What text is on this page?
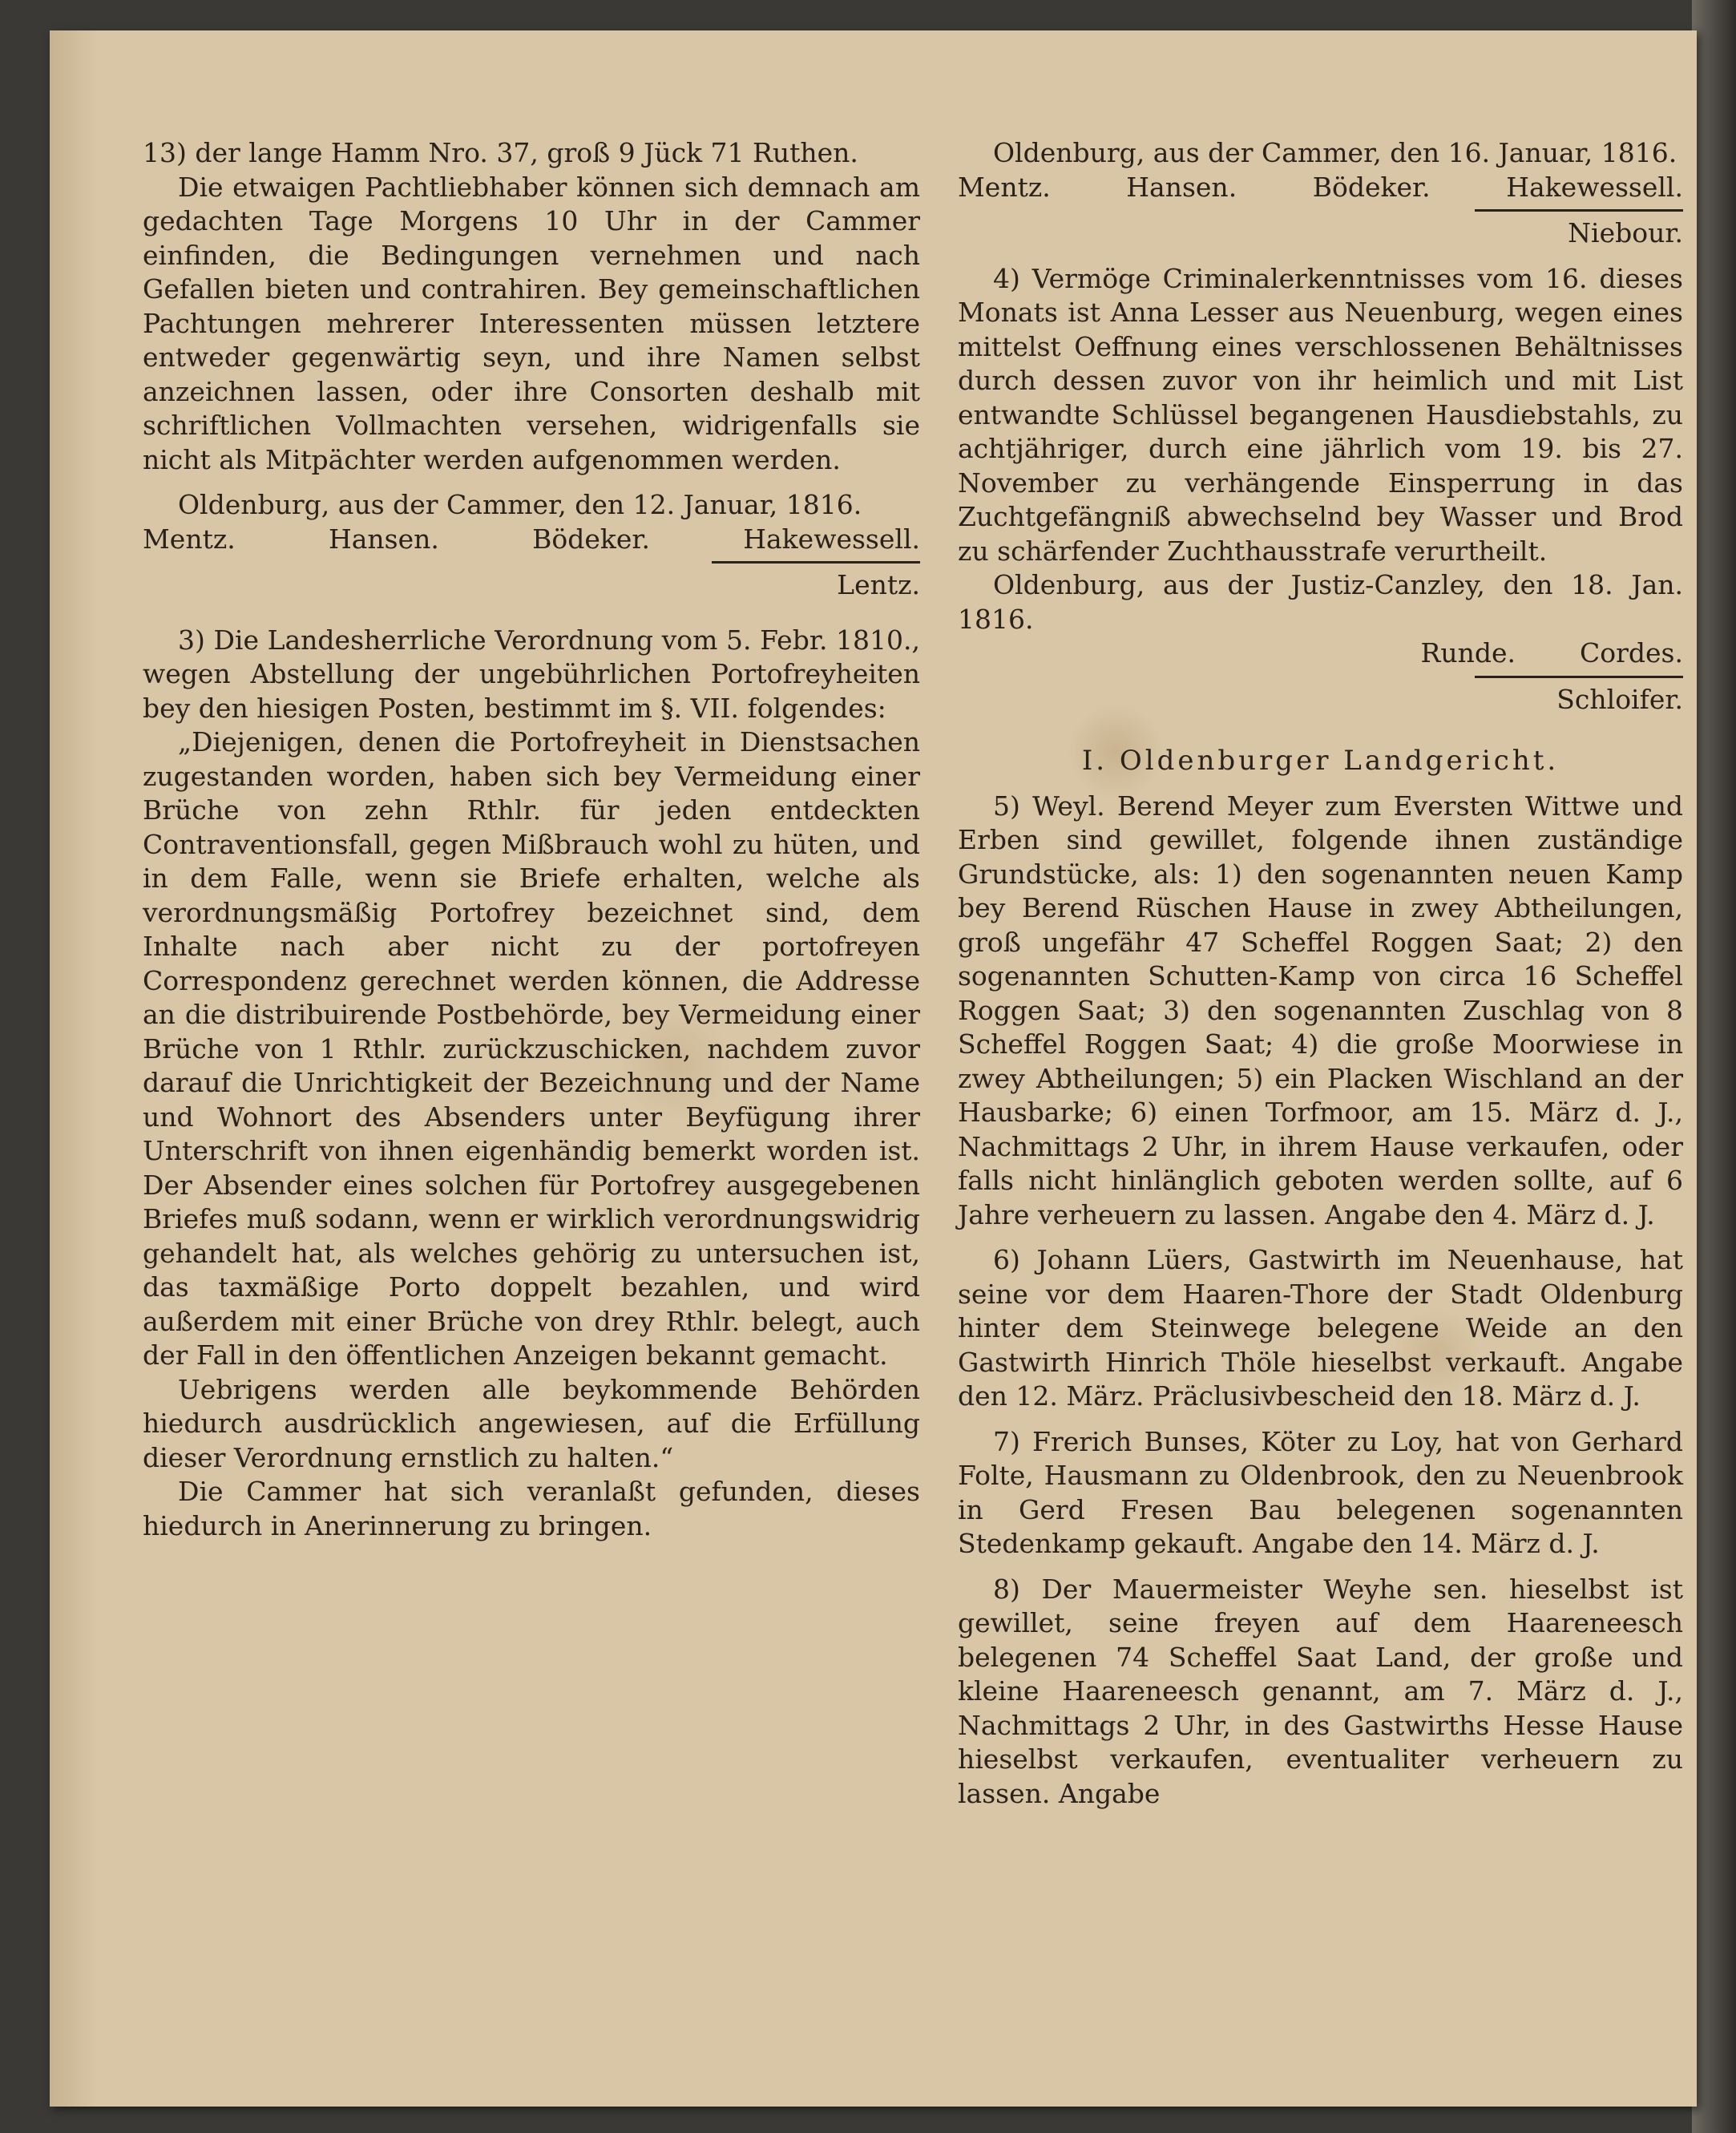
13) der lange Hamm Nro. 37, groß 9 Jück 71 Ruthen.

Die etwaigen Pachtliebhaber können sich demnach am gedachten Tage Morgens 10 Uhr in der Cammer einfinden, die Bedingungen vernehmen und nach Gefallen bieten und contrahiren. Bey gemeinschaftlichen Pachtungen mehrerer Interessenten müssen letztere entweder gegenwärtig seyn, und ihre Namen selbst anzeichnen lassen, oder ihre Consorten deshalb mit schriftlichen Vollmachten versehen, widrigenfalls sie nicht als Mitpächter werden aufgenommen werden.

Oldenburg, aus der Cammer, den 12. Januar, 1816.

Mentz.	Hansen.	Bödeker.	Hakewessell.

Lentz.

3) Die Landesherrliche Verordnung vom 5. Febr. 1810., wegen Abstellung der ungebührlichen Portofreyheiten bey den hiesigen Posten, bestimmt im §. VII. folgendes:

„Diejenigen, denen die Portofreyheit in Dienstsachen zugestanden worden, haben sich bey Vermeidung einer Brüche von zehn Rthlr. für jeden entdeckten Contraventionsfall, gegen Mißbrauch wohl zu hüten, und in dem Falle, wenn sie Briefe erhalten, welche als verordnungsmäßig Portofrey bezeichnet sind, dem Inhalte nach aber nicht zu der portofreyen Correspondenz gerechnet werden können, die Addresse an die distribuirende Postbehörde, bey Vermeidung einer Brüche von 1 Rthlr. zurückzuschicken, nachdem zuvor darauf die Unrichtigkeit der Bezeichnung und der Name und Wohnort des Absenders unter Beyfügung ihrer Unterschrift von ihnen eigenhändig bemerkt worden ist. Der Absender eines solchen für Portofrey ausgegebenen Briefes muß sodann, wenn er wirklich verordnungswidrig gehandelt hat, als welches gehörig zu untersuchen ist, das taxmäßige Porto doppelt bezahlen, und wird außerdem mit einer Brüche von drey Rthlr. belegt, auch der Fall in den öffentlichen Anzeigen bekannt gemacht.

Uebrigens werden alle beykommende Behörden hiedurch ausdrücklich angewiesen, auf die Erfüllung dieser Verordnung ernstlich zu halten.“

Die Cammer hat sich veranlaßt gefunden, dieses hiedurch in Anerinnerung zu bringen.

Oldenburg, aus der Cammer, den 16. Januar, 1816.

Mentz.	Hansen.	Bödeker.	Hakewessell.

Niebour.

4) Vermöge Criminalerkenntnisses vom 16. dieses Monats ist Anna Lesser aus Neuenburg, wegen eines mittelst Oeffnung eines verschlossenen Behältnisses durch dessen zuvor von ihr heimlich und mit List entwandte Schlüssel begangenen Hausdiebstahls, zu achtjähriger, durch eine jährlich vom 19. bis 27. November zu verhängende Einsperrung in das Zuchtgefängniß abwechselnd bey Wasser und Brod zu schärfender Zuchthausstrafe verurtheilt.

Oldenburg, aus der Justiz-Canzley, den 18. Jan. 1816.

Runde. Cordes.

Schloifer.

I. Oldenburger Landgericht.

5) Weyl. Berend Meyer zum Eversten Wittwe und Erben sind gewillet, folgende ihnen zuständige Grundstücke, als: 1) den sogenannten neuen Kamp bey Berend Rüschen Hause in zwey Abtheilungen, groß ungefähr 47 Scheffel Roggen Saat; 2) den sogenannten Schutten-Kamp von circa 16 Scheffel Roggen Saat; 3) den sogenannten Zuschlag von 8 Scheffel Roggen Saat; 4) die große Moorwiese in zwey Abtheilungen; 5) ein Placken Wischland an der Hausbarke; 6) einen Torfmoor, am 15. März d. J., Nachmittags 2 Uhr, in ihrem Hause verkaufen, oder falls nicht hinlänglich geboten werden sollte, auf 6 Jahre verheuern zu lassen. Angabe den 4. März d. J.

6) Johann Lüers, Gastwirth im Neuenhause, hat seine vor dem Haaren-Thore der Stadt Oldenburg hinter dem Steinwege belegene Weide an den Gastwirth Hinrich Thöle hieselbst verkauft. Angabe den 12. März. Präclusivbescheid den 18. März d. J.

7) Frerich Bunses, Köter zu Loy, hat von Gerhard Folte, Hausmann zu Oldenbrook, den zu Neuenbrook in Gerd Fresen Bau belegenen sogenannten Stedenkamp gekauft. Angabe den 14. März d. J.

8) Der Mauermeister Weyhe sen. hieselbst ist gewillet, seine freyen auf dem Haareneesch belegenen 74 Scheffel Saat Land, der große und kleine Haareneesch genannt, am 7. März d. J., Nachmittags 2 Uhr, in des Gastwirths Hesse Hause hieselbst verkaufen, eventualiter verheuern zu lassen. Angabe
